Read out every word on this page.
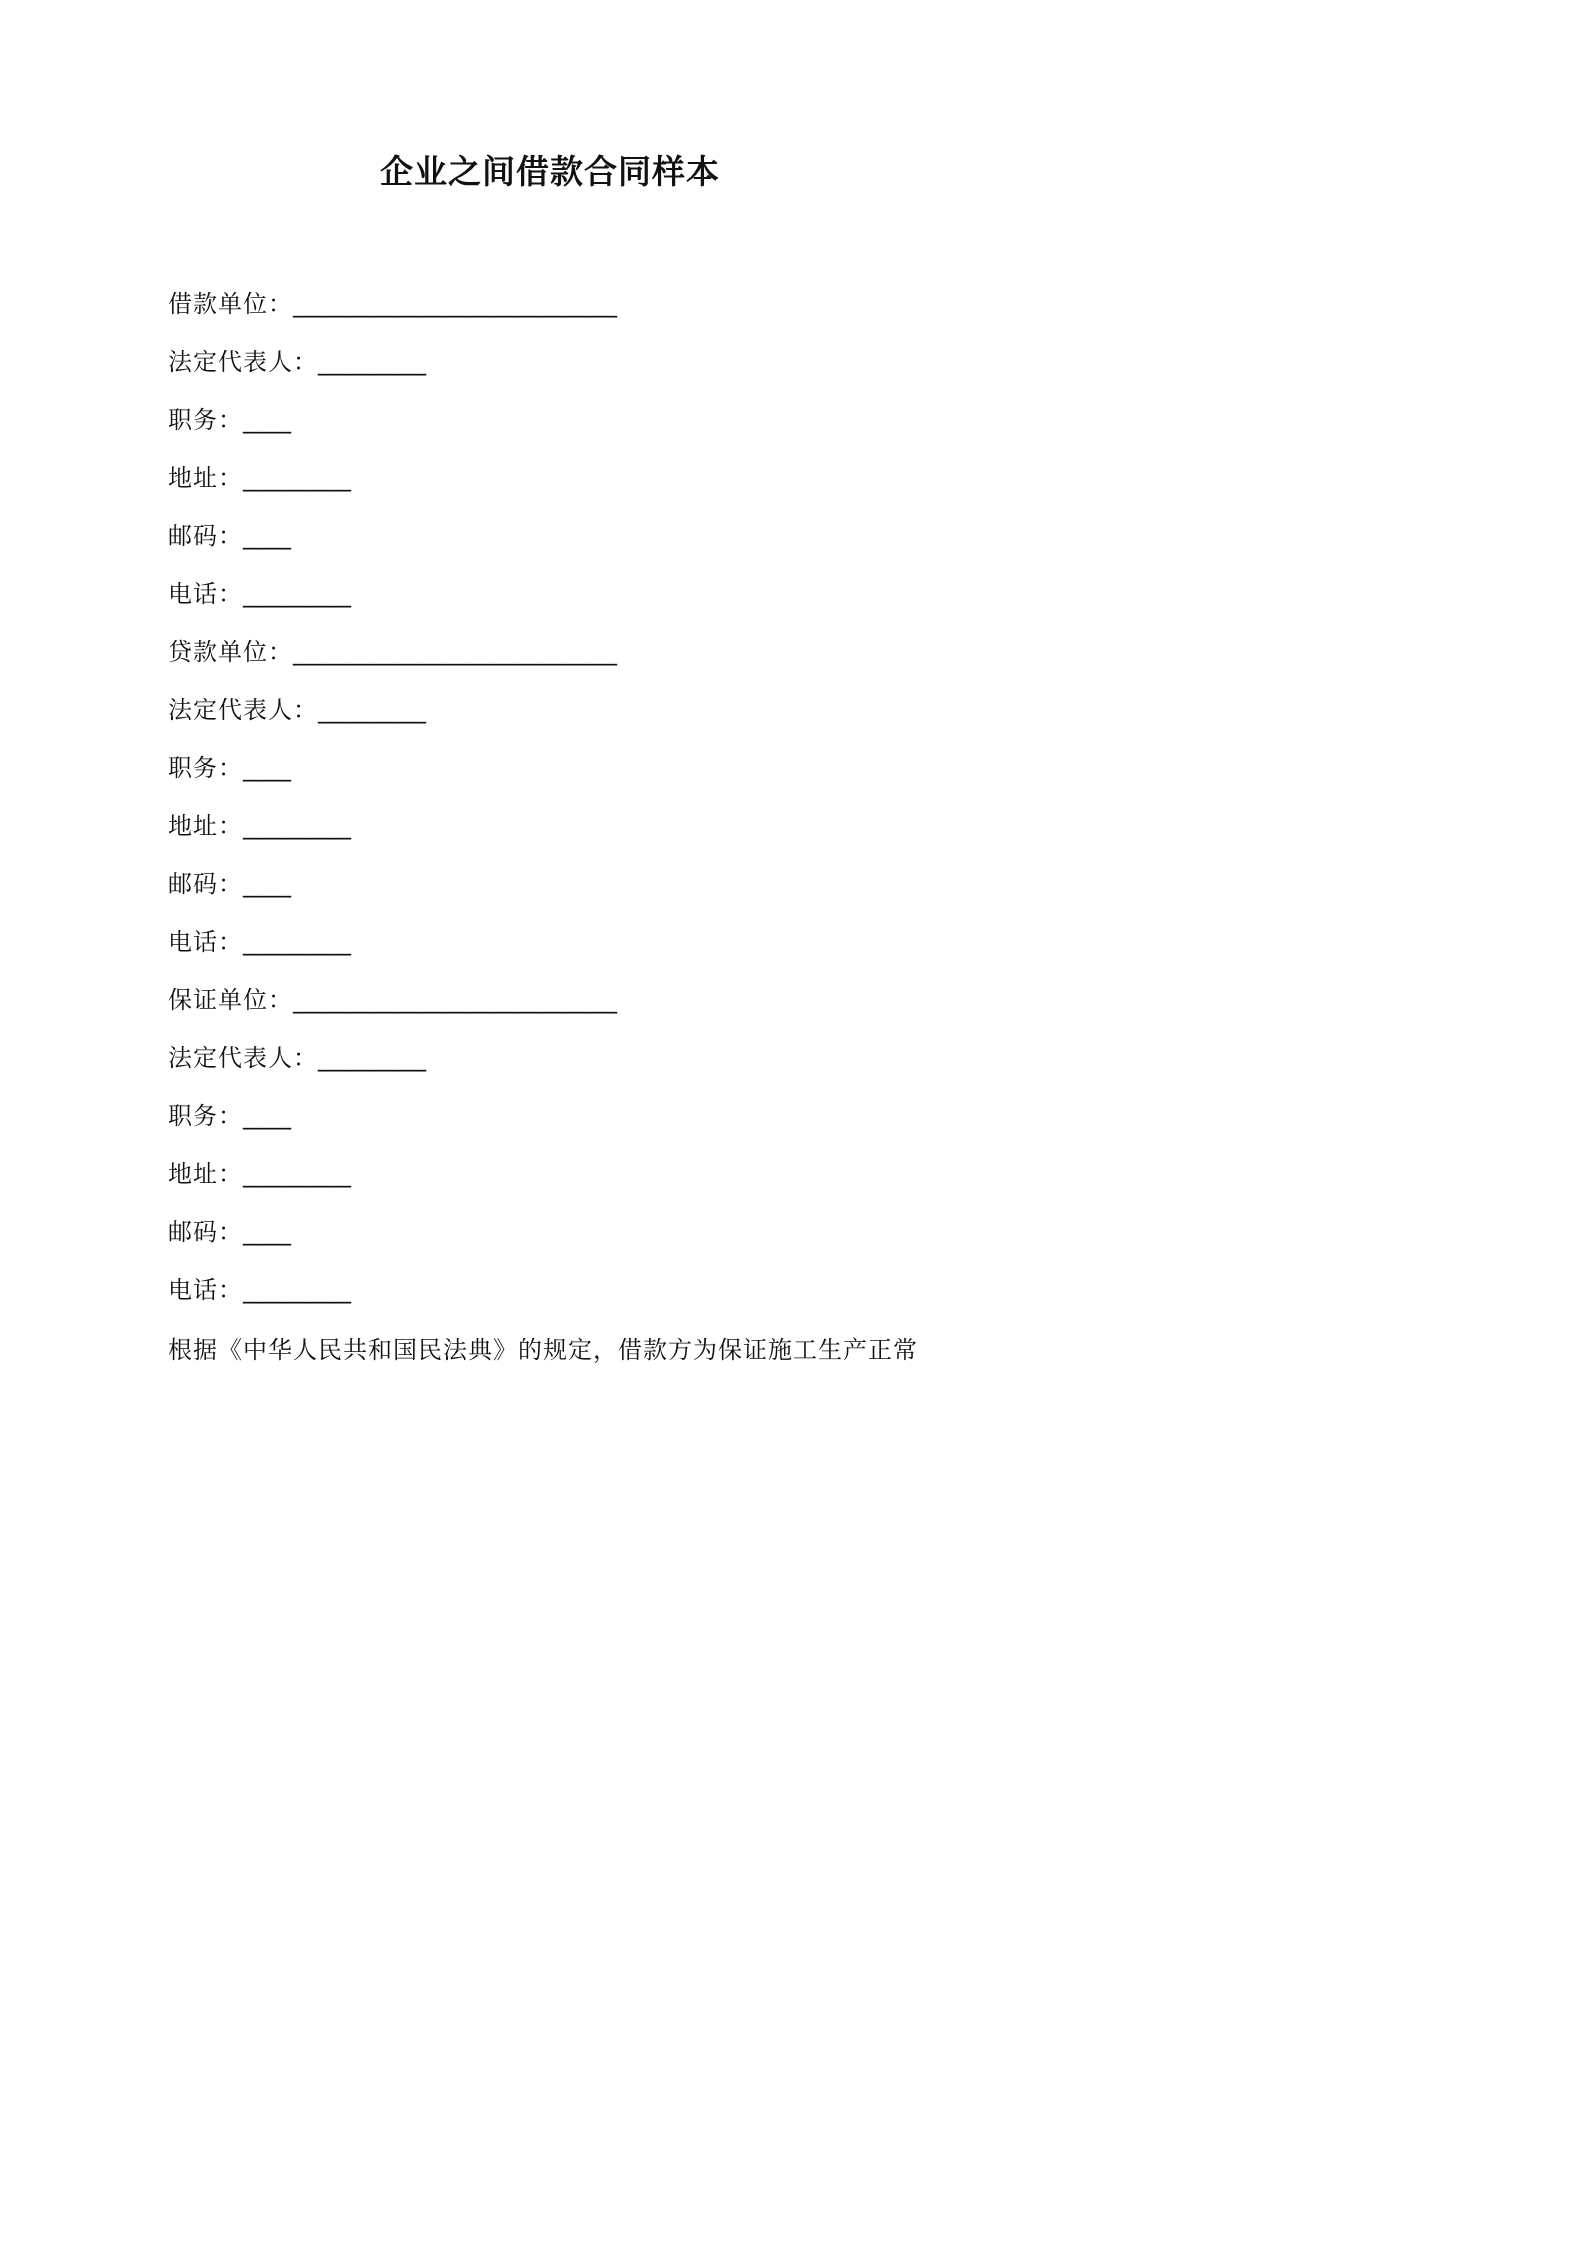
企业之间借款合同样本
借款单位：___________________________
法定代表人：_________
职务：____
地址：_________
邮码：____
电话：_________
贷款单位：___________________________
法定代表人：_________
职务：____
地址：_________
邮码：____
电话：_________
保证单位：___________________________
法定代表人：_________
职务：____
地址：_________
邮码：____
电话：_________

根据《中华人民共和国民法典》的规定，借款方为保证施工生产正常
